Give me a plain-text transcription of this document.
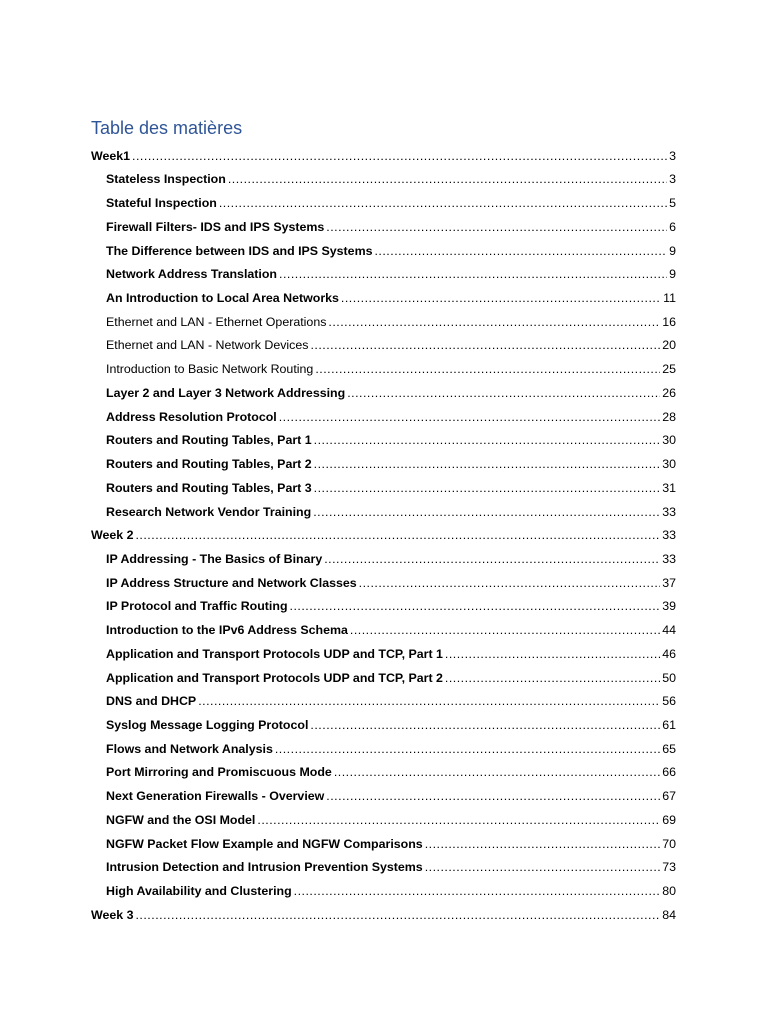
Table des matières
Week1 .....	3
Stateless Inspection .....	3
Stateful Inspection .....	5
Firewall Filters- IDS and IPS Systems .....	6
The Difference between IDS and IPS Systems .....	9
Network Address Translation .....	9
An Introduction to Local Area Networks .....	11
Ethernet and LAN - Ethernet Operations .....	16
Ethernet and LAN - Network Devices .....	20
Introduction to Basic Network Routing .....	25
Layer 2 and Layer 3 Network Addressing .....	26
Address Resolution Protocol .....	28
Routers and Routing Tables, Part 1 .....	30
Routers and Routing Tables, Part 2 .....	30
Routers and Routing Tables, Part 3 .....	31
Research Network Vendor Training .....	33
Week 2 .....	33
IP Addressing - The Basics of Binary .....	33
IP Address Structure and Network Classes .....	37
IP Protocol and Traffic Routing .....	39
Introduction to the IPv6 Address Schema .....	44
Application and Transport Protocols UDP and TCP, Part 1 .....	46
Application and Transport Protocols UDP and TCP, Part 2 .....	50
DNS and DHCP .....	56
Syslog Message Logging Protocol .....	61
Flows and Network Analysis .....	65
Port Mirroring and Promiscuous Mode .....	66
Next Generation Firewalls - Overview .....	67
NGFW and the OSI Model .....	69
NGFW Packet Flow Example and NGFW Comparisons .....	70
Intrusion Detection and Intrusion Prevention Systems .....	73
High Availability and Clustering .....	80
Week 3 .....	84
